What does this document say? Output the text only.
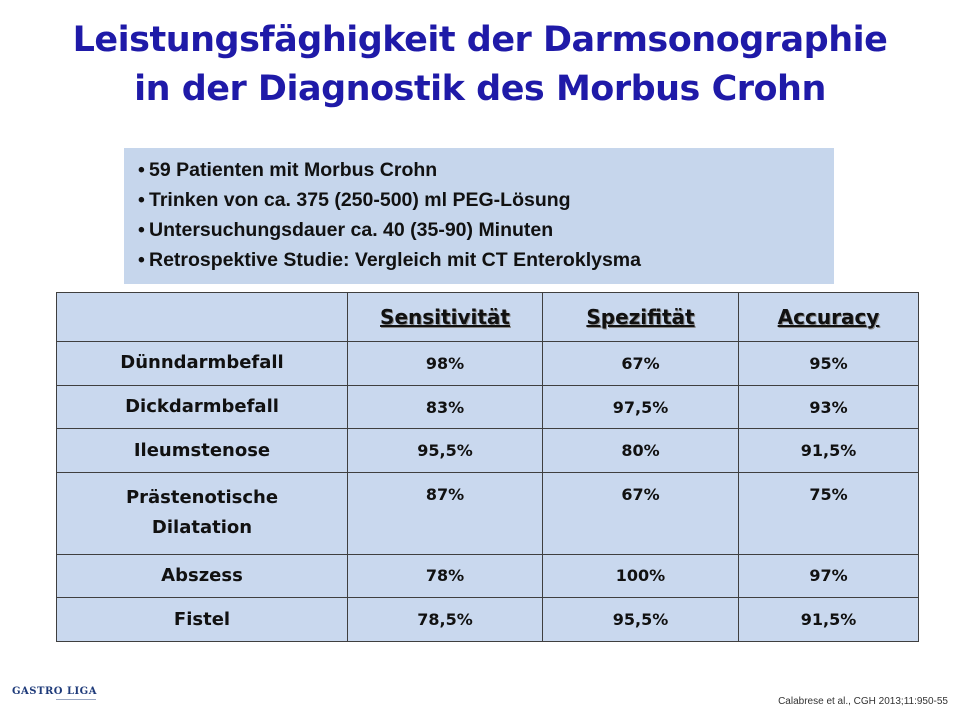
Leistungsfäghigkeit der Darmsonographie
in der Diagnostik des Morbus Crohn
• 59 Patienten mit Morbus Crohn
• Trinken von ca. 375 (250-500) ml PEG-Lösung
• Untersuchungsdauer ca. 40 (35-90) Minuten
• Retrospektive Studie: Vergleich mit CT Enteroklysma
	Sensitivität	Spezifität	Accuracy
Dünndarmbefall	98%	67%	95%
Dickdarmbefall	83%	97,5%	93%
Ileumstenose	95,5%	80%	91,5%

Prästenotische
Dilatation	87%	67%	75%
Abszess	78%	100%	97%
Fistel	78,5%	95,5%	91,5%
GASTRO LIGA
Calabrese et al., CGH 2013;11:950-55
